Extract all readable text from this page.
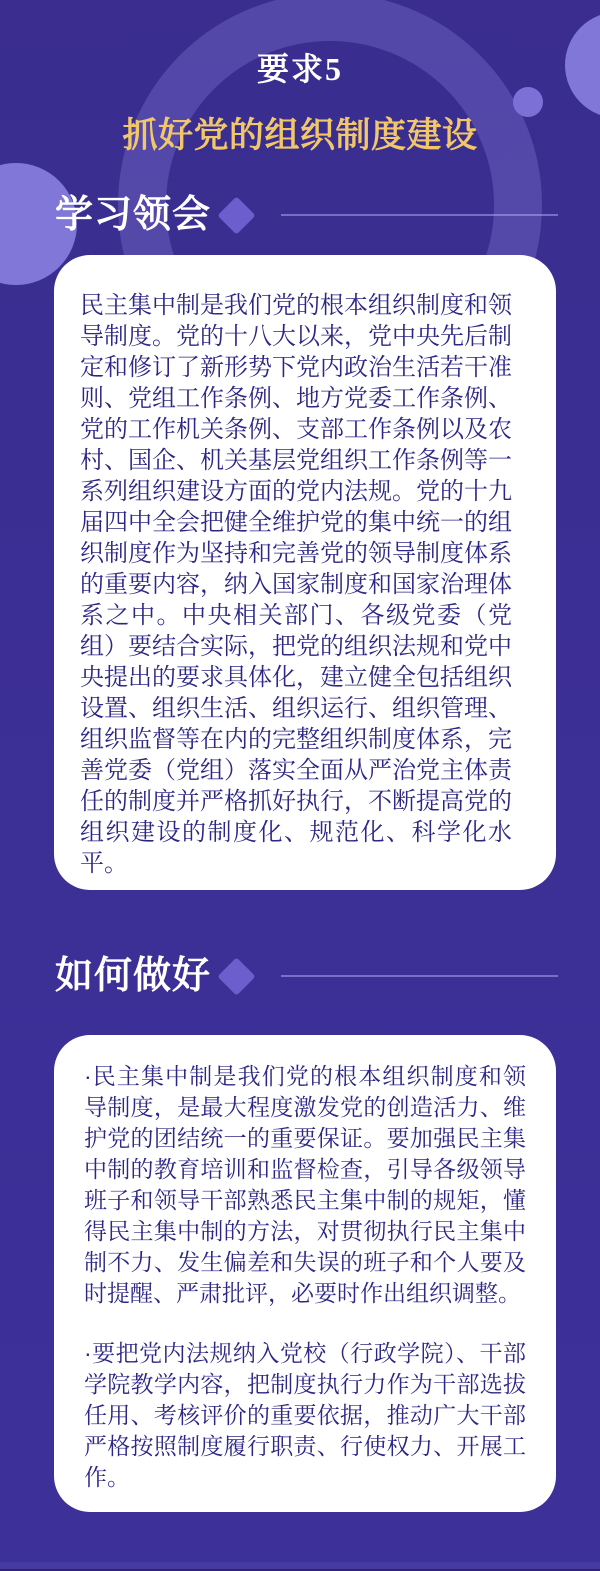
要求5
抓好党的组织制度建设
学习领会

民主集中制是我们党的根本组织制度和领导制度。党的十八大以来，党中央先后制定和修订了新形势下党内政治生活若干准则、党组工作条例、地方党委工作条例、党的工作机关条例、支部工作条例以及农村、国企、机关基层党组织工作条例等一系列组织建设方面的党内法规。党的十九届四中全会把健全维护党的集中统一的组织制度作为坚持和完善党的领导制度体系的重要内容，纳入国家制度和国家治理体系之中。中央相关部门、各级党委（党组）要结合实际，把党的组织法规和党中央提出的要求具体化，建立健全包括组织设置、组织生活、组织运行、组织管理、组织监督等在内的完整组织制度体系，完善党委（党组）落实全面从严治党主体责任的制度并严格抓好执行，不断提高党的组织建设的制度化、规范化、科学化水平。

如何做好

·民主集中制是我们党的根本组织制度和领导制度，是最大程度激发党的创造活力、维护党的团结统一的重要保证。要加强民主集中制的教育培训和监督检查，引导各级领导班子和领导干部熟悉民主集中制的规矩，懂得民主集中制的方法，对贯彻执行民主集中制不力、发生偏差和失误的班子和个人要及时提醒、严肃批评，必要时作出组织调整。

·要把党内法规纳入党校（行政学院）、干部学院教学内容，把制度执行力作为干部选拔任用、考核评价的重要依据，推动广大干部严格按照制度履行职责、行使权力、开展工作。
